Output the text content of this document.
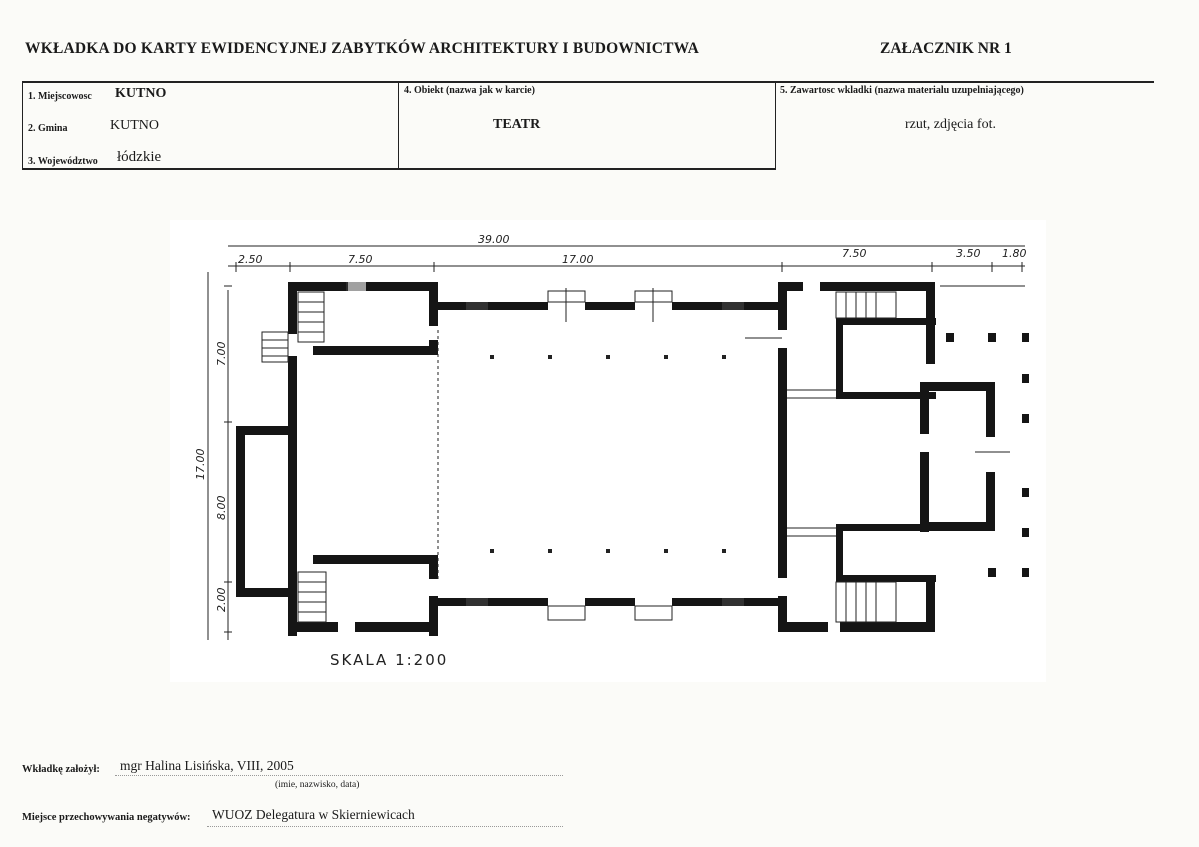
WKŁADKA DO KARTY EWIDENCYJNEJ ZABYTKÓW ARCHITEKTURY I BUDOWNICTWA	ZAŁACZNIK NR 1
1. Miejscowosc KUTNO
2. Gmina	KUTNO
3. Województwo łódzkie
4. Obiekt (nazwa jak w karcie)
TEATR
5. Zawartosc wkladki (nazwa materialu uzupelniającego)
rzut, zdjęcia fot.
39.00
2.50	7.50	17.00	7.50	3.50 1.80
17.00
7.00
8.00
2.00
SKALA 1:200
Wkładkę założył: mgr Halina Lisińska, VIII, 2005
(imie, nazwisko, data)
Miejsce przechowywania negatywów: WUOZ Delegatura w Skierniewicach
